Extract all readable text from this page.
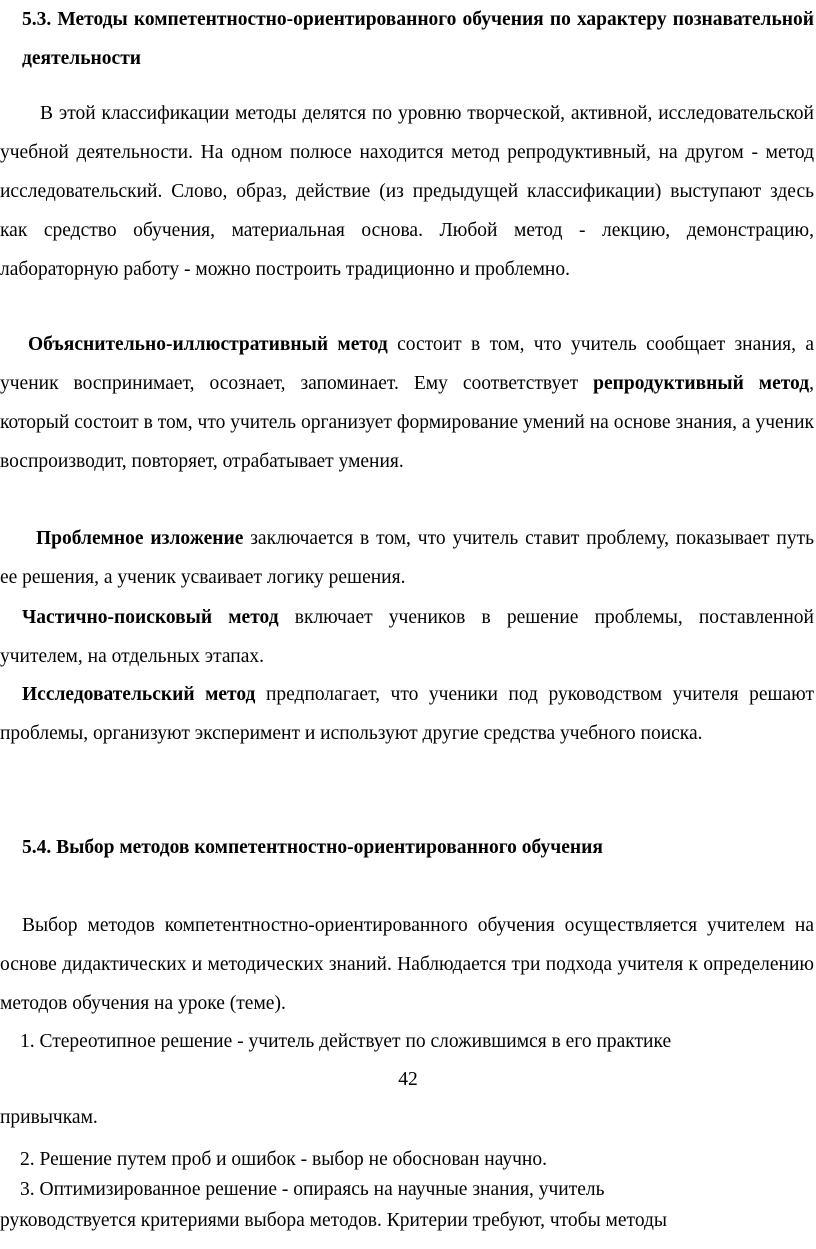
5.3. Методы компетентностно-ориентированного обучения по характеру познавательной деятельности

В этой классификации методы делятся по уровню творческой, активной, исследовательской учебной деятельности. На одном полюсе находится метод репродуктивный, на другом - метод исследовательский. Слово, образ, действие (из предыдущей классификации) выступают здесь как средство обучения, материальная основа. Любой метод - лекцию, демонстрацию, лабораторную работу - можно построить традиционно и проблемно.

Объяснительно-иллюстративный метод состоит в том, что учитель сообщает знания, а ученик воспринимает, осознает, запоминает. Ему соответствует репродуктивный метод, который состоит в том, что учитель организует формирование умений на основе знания, а ученик воспроизводит, повторяет, отрабатывает умения.

Проблемное изложение заключается в том, что учитель ставит проблему, показывает путь ее решения, а ученик усваивает логику решения.

Частично-поисковый метод включает учеников в решение проблемы, поставленной учителем, на отдельных этапах.

Исследовательский метод предполагает, что ученики под руководством учителя решают проблемы, организуют эксперимент и используют другие средства учебного поиска.

5.4. Выбор методов компетентностно-ориентированного обучения

Выбор методов компетентностно-ориентированного обучения осуществляется учителем на основе дидактических и методических знаний. Наблюдается три подхода учителя к определению методов обучения на уроке (теме).

1. Стереотипное решение - учитель действует по сложившимся в его практике

42

привычкам.

2. Решение путем проб и ошибок - выбор не обоснован научно.

3. Оптимизированное решение - опираясь на научные знания, учитель

руководствуется критериями выбора методов. Критерии требуют, чтобы методы
